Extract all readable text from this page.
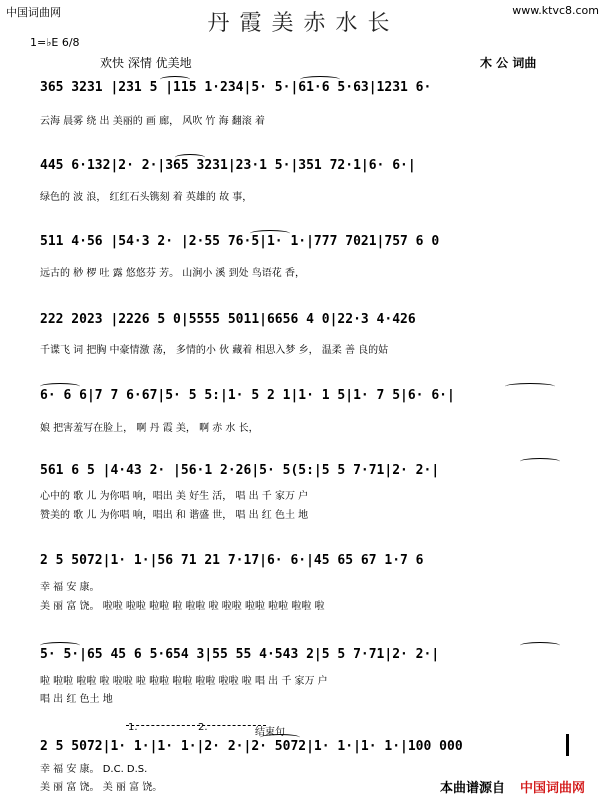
中国词曲网	www.ktvc8.com
丹霞美赤水长
1=♭E 6/8
欢快 深情 优美地	木 公 词曲
365 3231 |231 5 |115 1·234|5· 5·|61·6 5·63|1231 6·
云海 晨雾 绕 出 美丽的 画 廊， 风吹 竹 海 翻滚 着
445 6·132|2· 2·|365 3231|23·1 5·|351 72·1|6· 6·|
绿色的 波 浪， 红红石头镌刻 着 英雄的 故 事，
511 4·56 |54·3 2· |2·55 76·5|1· 1·|777 7021|757 6 0
远古的 桫 椤 吐 露 悠悠芬 芳。 山涧小 溪 到处 鸟语花 香，
222 2023 |2226 5 0|5555 5011|6656 4 0|22·3 4·426
千谍飞 词 把胸 中豪情激 荡， 多情的小 伙 藏着 相思入梦 乡， 温柔 善 良的姑
6· 6 6|7 7 6·67|5· 5 5:|1· 5 2 1|1· 1 5|1· 7 5|6· 6·|
娘 把害羞写在脸上， 啊 丹 霞 美， 啊 赤 水 长，
561 6 5 |4·43 2· |56·1 2·26|5· 5(5:|5 5 7·71|2· 2·|
心中的 歌 儿 为你唱 响，唱出 美 好生 活， 唱 出 千 家万 户
赞美的 歌 儿 为你唱 响，唱出 和 谐盛 世， 唱 出 红 色土 地
2 5 5072|1· 1·|56 71 21 7·17|6· 6·|45 65 67 1·7 6
幸 福 安 康。
美 丽 富 饶。 啦啦 啦啦 啦啦 啦 啦啦 啦 啦啦 啦啦 啦啦 啦啦 啦
5· 5·|65 45 6 5·654 3|55 55 4·543 2|5 5 7·71|2· 2·|
啦 啦啦 啦啦 啦 啦啦 啦 啦啦 啦啦 啦啦 啦啦 啦 唱 出 千 家万 户
唱 出 红 色土 地
2 5 5072|1· 1·|1· 1·|2· 2·|2· 5072|1· 1·|1· 1·|100 000
幸 福 安 康。 D.C. D.S.
美 丽 富 饶。 美 丽 富 饶。
结束句
1.	2.
本曲谱源自 中国词曲网
